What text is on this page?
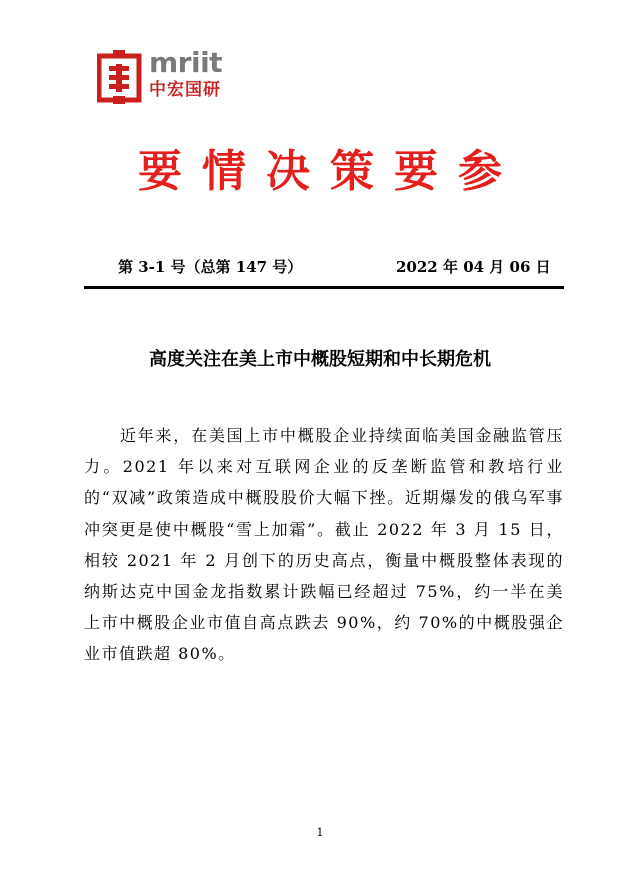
mriit
中宏国研
要情决策要参
第 3-1 号（总第 147 号）	2022 年 04 月 06 日
高度关注在美上市中概股短期和中长期危机

近年来，在美国上市中概股企业持续面临美国金融监管压力。2021 年以来对互联网企业的反垄断监管和教培行业的“双减”政策造成中概股股价大幅下挫。近期爆发的俄乌军事冲突更是使中概股“雪上加霜”。截止 2022 年 3 月 15 日，相较 2021 年 2 月创下的历史高点，衡量中概股整体表现的纳斯达克中国金龙指数累计跌幅已经超过 75%，约一半在美上市中概股企业市值自高点跌去 90%，约 70%的中概股强企业市值跌超 80%。

1
